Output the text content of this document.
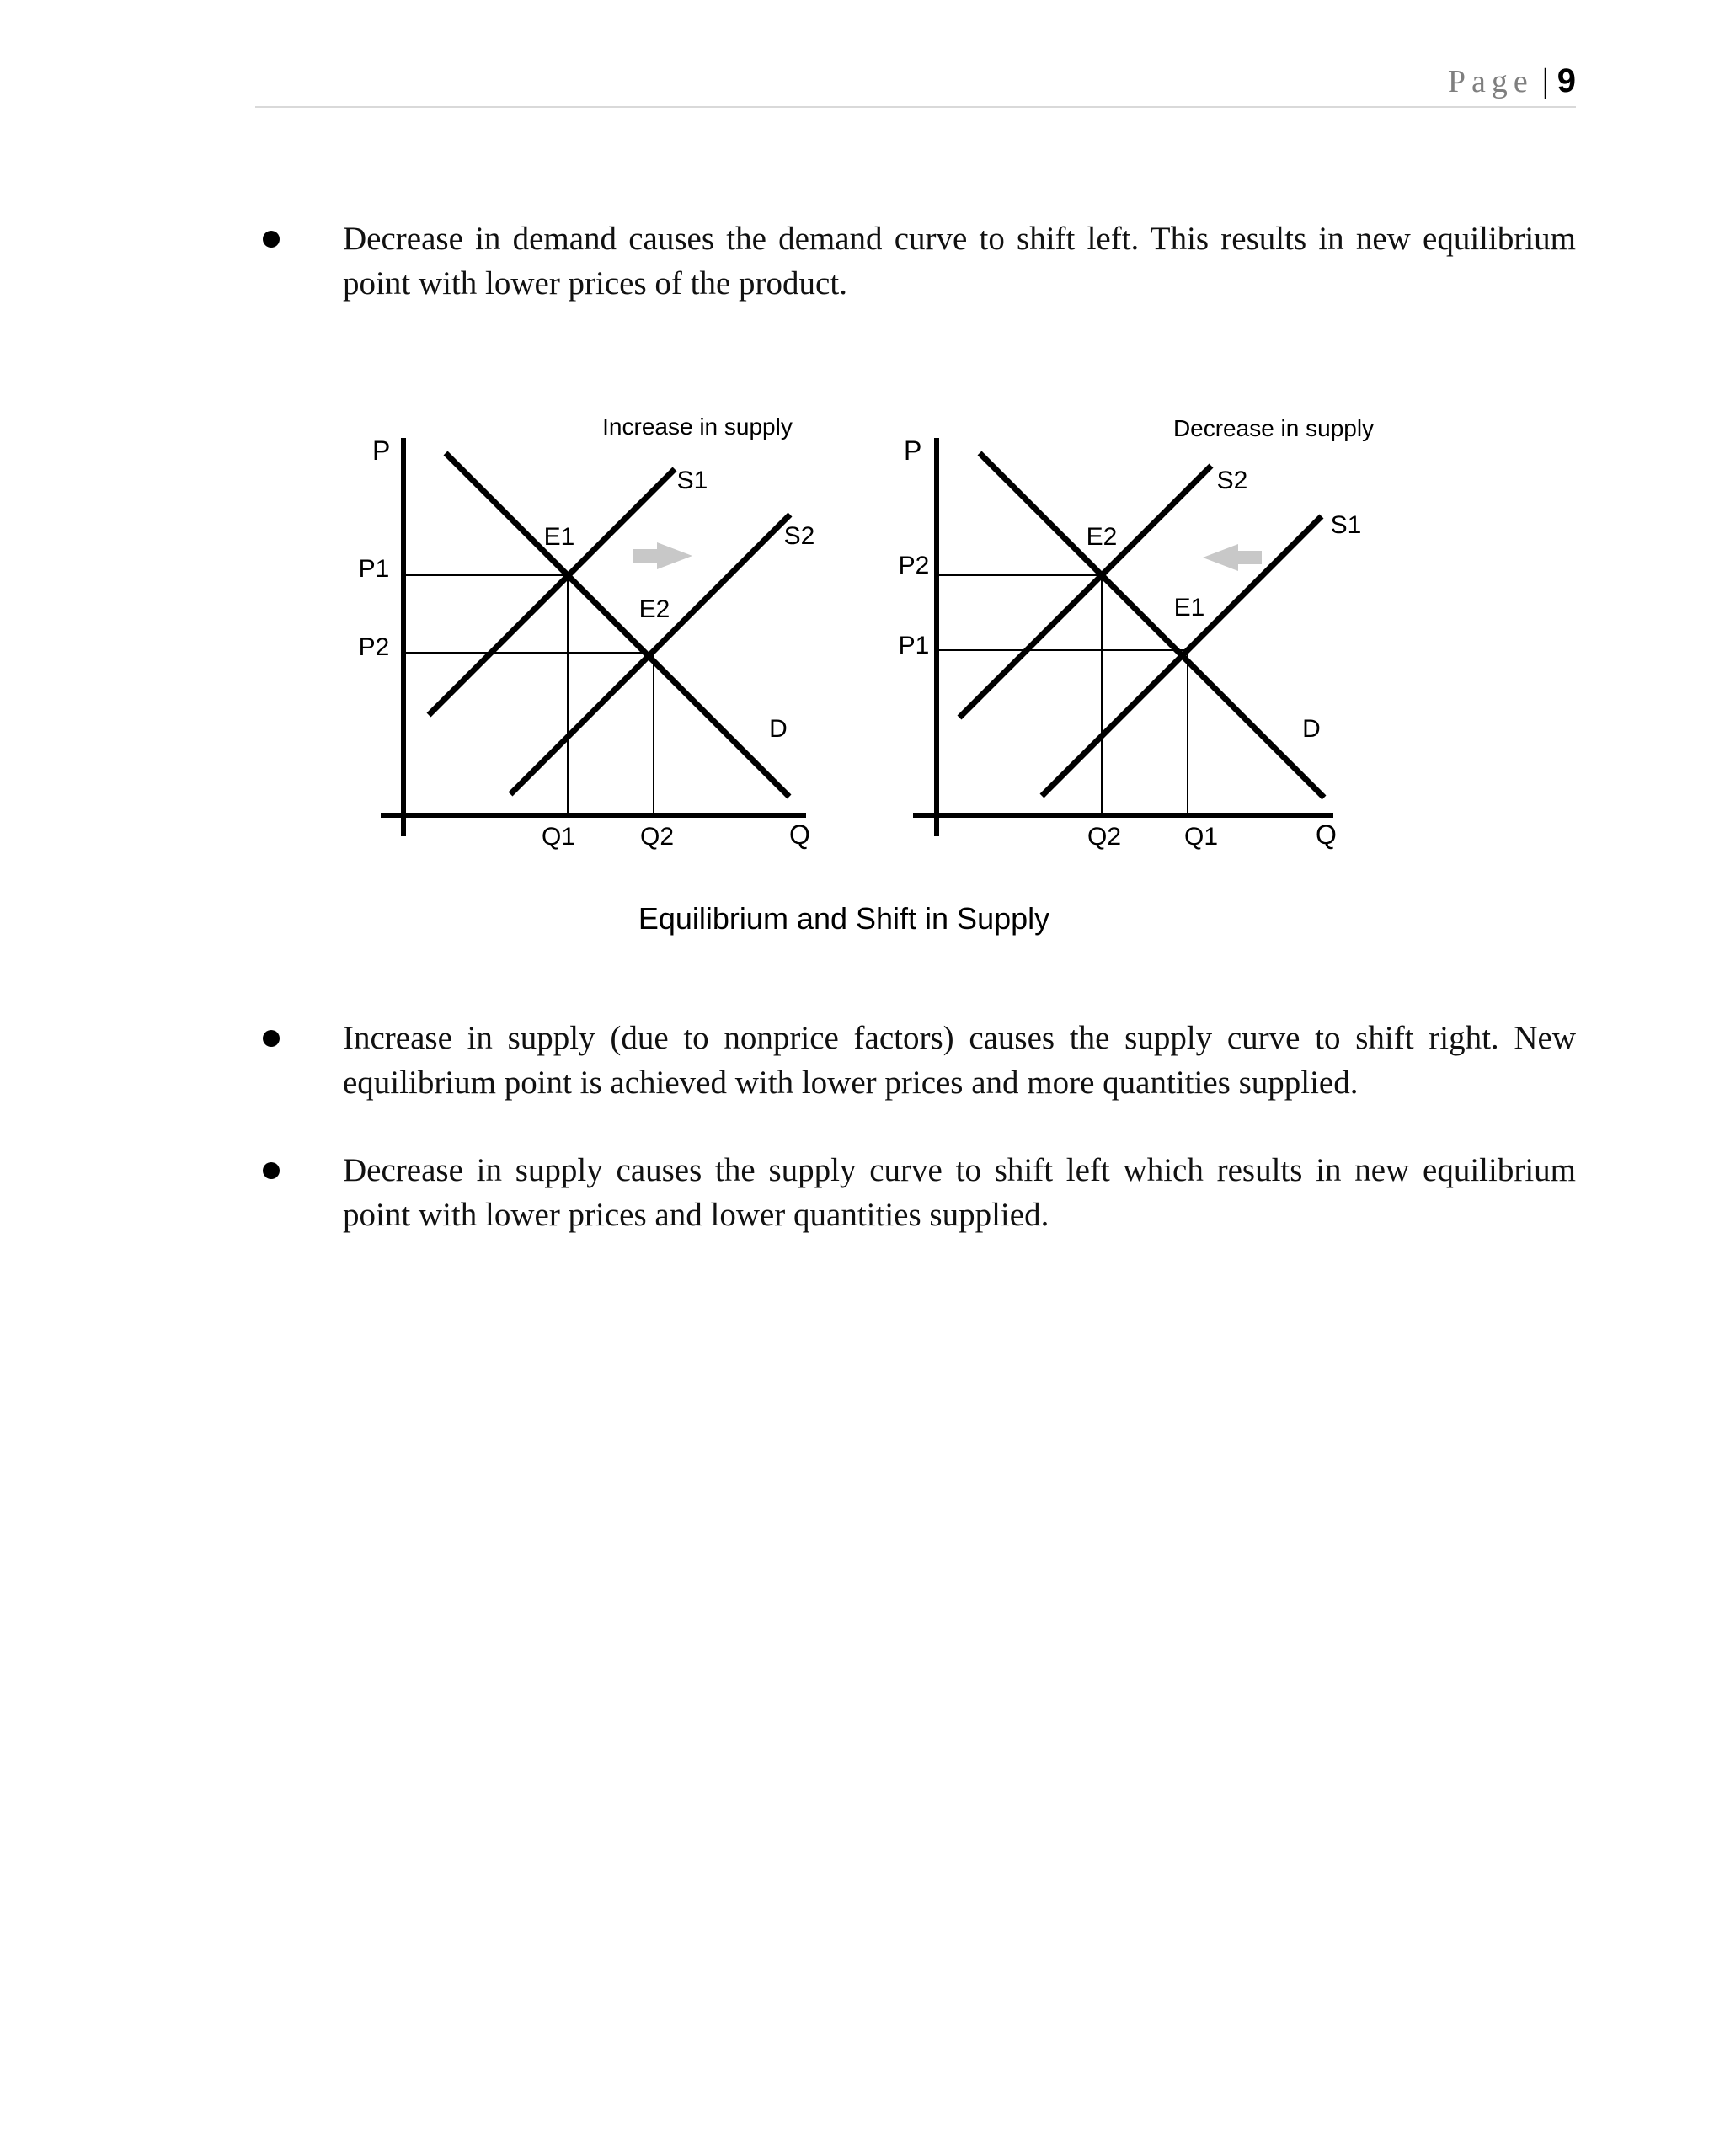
Page | 9
Decrease in demand causes the demand curve to shift left. This results in new equilibrium point with lower prices of the product.
Increase in supply
P
Q
E1
E2
S1
S2
D
P1
P2
Q1	Q2
Decrease in supply
P
Q
E2
E1
S2
S1
D
P2
P1
Q2 Q1
Equilibrium and Shift in Supply
Increase in supply (due to nonprice factors) causes the supply curve to shift right. New equilibrium point is achieved with lower prices and more quantities supplied.
Decrease in supply causes the supply curve to shift left which results in new equilibrium point with lower prices and lower quantities supplied.
